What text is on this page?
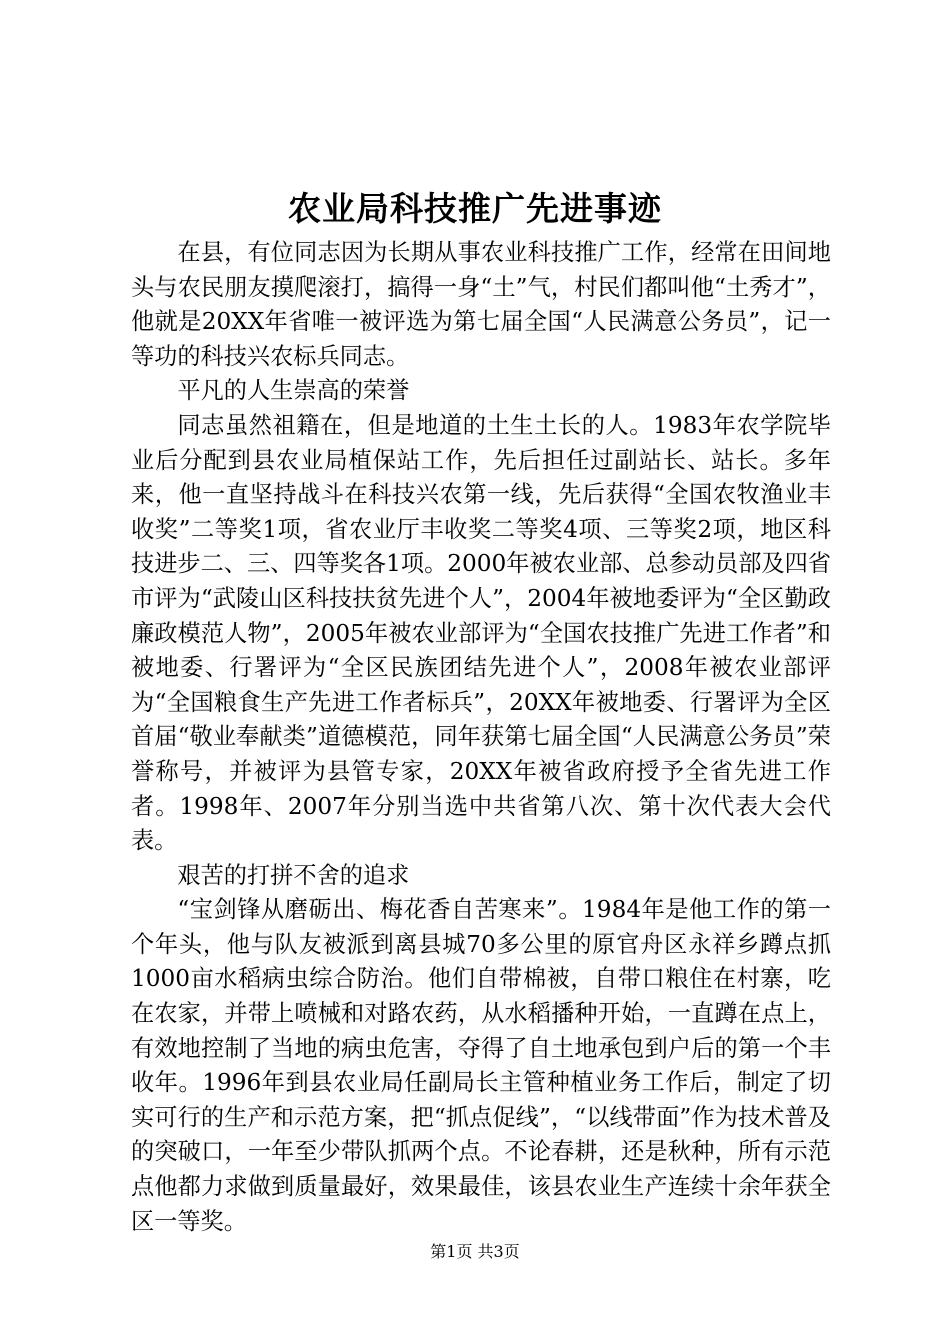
农业局科技推广先进事迹

在县，有位同志因为长期从事农业科技推广工作，经常在田间地头与农民朋友摸爬滚打，搞得一身“土”气，村民们都叫他“土秀才”，他就是20XX年省唯一被评选为第七届全国“人民满意公务员”，记一等功的科技兴农标兵同志。

平凡的人生崇高的荣誉

同志虽然祖籍在，但是地道的土生土长的人。1983年农学院毕业后分配到县农业局植保站工作，先后担任过副站长、站长。多年来，他一直坚持战斗在科技兴农第一线，先后获得“全国农牧渔业丰收奖”二等奖1项，省农业厅丰收奖二等奖4项、三等奖2项，地区科技进步二、三、四等奖各1项。2000年被农业部、总参动员部及四省市评为“武陵山区科技扶贫先进个人”，2004年被地委评为“全区勤政廉政模范人物”，2005年被农业部评为“全国农技推广先进工作者”和被地委、行署评为“全区民族团结先进个人”，2008年被农业部评为“全国粮食生产先进工作者标兵”，20XX年被地委、行署评为全区首届“敬业奉献类”道德模范，同年获第七届全国“人民满意公务员”荣誉称号，并被评为县管专家，20XX年被省政府授予全省先进工作者。1998年、2007年分别当选中共省第八次、第十次代表大会代表。

艰苦的打拼不舍的追求

“宝剑锋从磨砺出、梅花香自苦寒来”。1984年是他工作的第一个年头，他与队友被派到离县城70多公里的原官舟区永祥乡蹲点抓1000亩水稻病虫综合防治。他们自带棉被，自带口粮住在村寨，吃在农家，并带上喷械和对路农药，从水稻播种开始，一直蹲在点上，有效地控制了当地的病虫危害，夺得了自土地承包到户后的第一个丰收年。1996年到县农业局任副局长主管种植业务工作后，制定了切实可行的生产和示范方案，把“抓点促线”，“以线带面”作为技术普及的突破口，一年至少带队抓两个点。不论春耕，还是秋种，所有示范点他都力求做到质量最好，效果最佳，该县农业生产连续十余年获全区一等奖。

第1页 共3页
